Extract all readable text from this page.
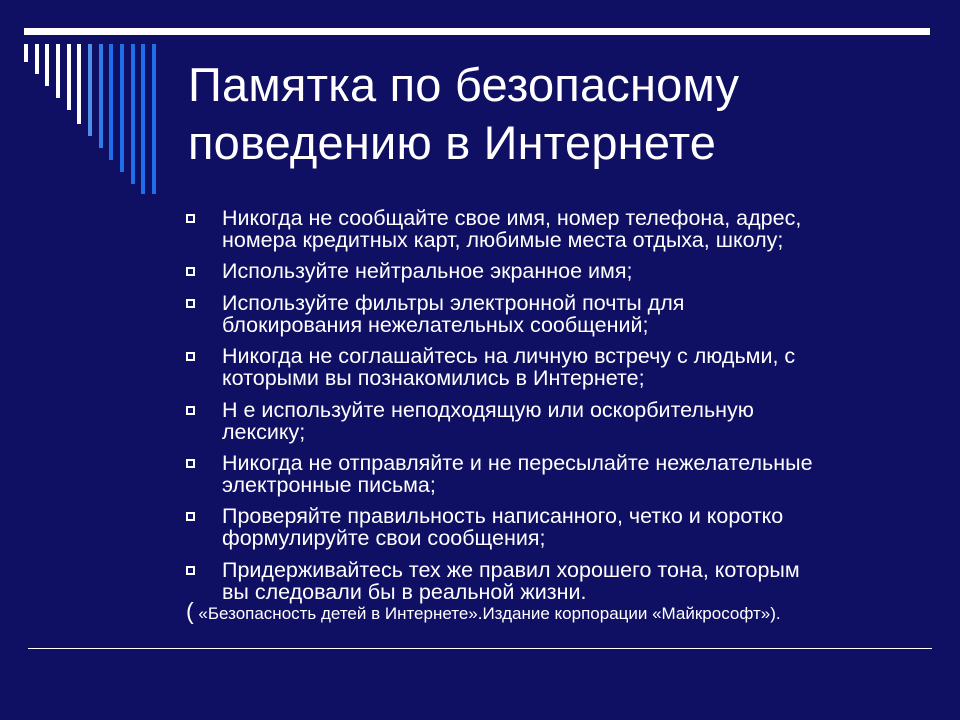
Памятка по безопасному
поведению в Интернете
Никогда не сообщайте свое имя, номер телефона, адрес,
номера кредитных карт, любимые места отдыха, школу;
Используйте нейтральное экранное имя;
Используйте фильтры электронной почты для
блокирования нежелательных сообщений;
Никогда не соглашайтесь на личную встречу с людьми, с
которыми вы познакомились в Интернете;
Н е используйте неподходящую или оскорбительную
лексику;
Никогда не отправляйте и не пересылайте нежелательные
электронные письма;
Проверяйте правильность написанного, четко и коротко
формулируйте свои сообщения;
Придерживайтесь тех же правил хорошего тона, которым
вы следовали бы в реальной жизни.
( «Безопасность детей в Интернете».Издание корпорации «Майкрософт»).
